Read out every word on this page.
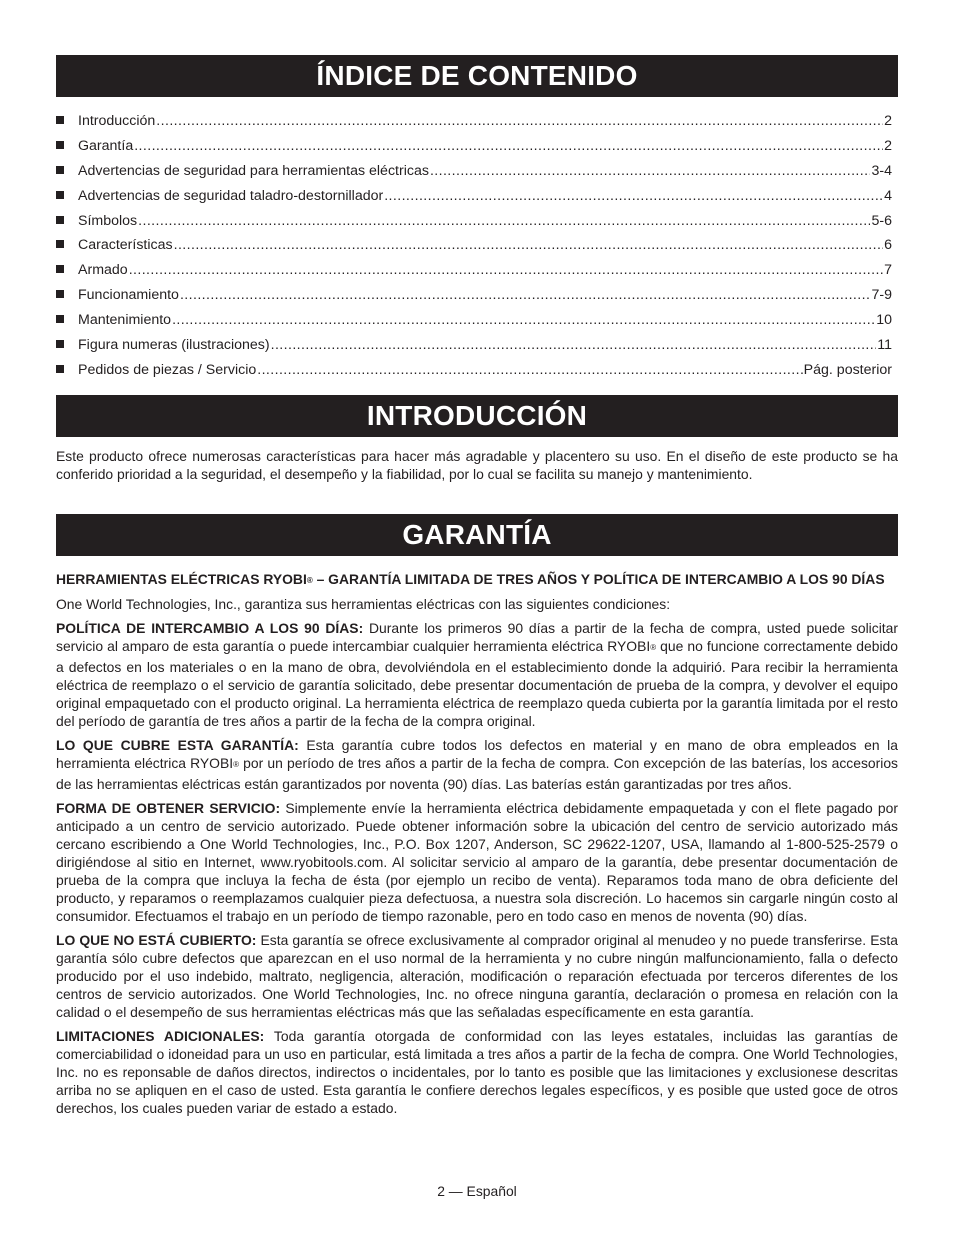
ÍNDICE DE CONTENIDO
Introducción .....	2
Garantía .....	2
Advertencias de seguridad para herramientas eléctricas .....	3-4
Advertencias de seguridad taladro-destornillador .....	4
Símbolos .....	5-6
Características .....	6
Armado .....	7
Funcionamiento .....	7-9
Mantenimiento .....	10
Figura numeras (ilustraciones) .....	11
Pedidos de piezas / Servicio .....	Pág. posterior
INTRODUCCIÓN

Este producto ofrece numerosas características para hacer más agradable y placentero su uso. En el diseño de este producto se ha conferido prioridad a la seguridad, el desempeño y la fiabilidad, por lo cual se facilita su manejo y mantenimiento.

GARANTÍA

HERRAMIENTAS ELÉCTRICAS RYOBI® – GARANTÍA LIMITADA DE TRES AÑOS Y POLÍTICA DE INTERCAMBIO A LOS 90 DÍAS

One World Technologies, Inc., garantiza sus herramientas eléctricas con las siguientes condiciones:

POLÍTICA DE INTERCAMBIO A LOS 90 DÍAS: Durante los primeros 90 días a partir de la fecha de compra, usted puede solicitar servicio al amparo de esta garantía o puede intercambiar cualquier herramienta eléctrica RYOBI® que no funcione correctamente debido a defectos en los materiales o en la mano de obra, devolviéndola en el establecimiento donde la adquirió. Para recibir la herramienta eléctrica de reemplazo o el servicio de garantía solicitado, debe presentar documentación de prueba de la compra, y devolver el equipo original empaquetado con el producto original. La herramienta eléctrica de reemplazo queda cubierta por la garantía limitada por el resto del período de garantía de tres años a partir de la fecha de la compra original.

LO QUE CUBRE ESTA GARANTÍA: Esta garantía cubre todos los defectos en material y en mano de obra empleados en la herramienta eléctrica RYOBI® por un período de tres años a partir de la fecha de compra. Con excepción de las baterías, los accesorios de las herramientas eléctricas están garantizados por noventa (90) días. Las baterías están garantizadas por tres años.

FORMA DE OBTENER SERVICIO: Simplemente envíe la herramienta eléctrica debidamente empaquetada y con el flete pagado por anticipado a un centro de servicio autorizado. Puede obtener información sobre la ubicación del centro de servicio autorizado más cercano escribiendo a One World Technologies, Inc., P.O. Box 1207, Anderson, SC 29622-1207, USA, llamando al 1-800-525-2579 o dirigiéndose al sitio en Internet, www.ryobitools.com. Al solicitar servicio al amparo de la garantía, debe presentar documentación de prueba de la compra que incluya la fecha de ésta (por ejemplo un recibo de venta). Reparamos toda mano de obra deficiente del producto, y reparamos o reemplazamos cualquier pieza defectuosa, a nuestra sola discreción. Lo hacemos sin cargarle ningún costo al consumidor. Efectuamos el trabajo en un período de tiempo razonable, pero en todo caso en menos de noventa (90) días.

LO QUE NO ESTÁ CUBIERTO: Esta garantía se ofrece exclusivamente al comprador original al menudeo y no puede transferirse. Esta garantía sólo cubre defectos que aparezcan en el uso normal de la herramienta y no cubre ningún malfuncionamiento, falla o defecto producido por el uso indebido, maltrato, negligencia, alteración, modificación o reparación efectuada por terceros diferentes de los centros de servicio autorizados. One World Technologies, Inc. no ofrece ninguna garantía, declaración o promesa en relación con la calidad o el desempeño de sus herramientas eléctricas más que las señaladas específicamente en esta garantía.

LIMITACIONES ADICIONALES: Toda garantía otorgada de conformidad con las leyes estatales, incluidas las garantías de comerciabilidad o idoneidad para un uso en particular, está limitada a tres años a partir de la fecha de compra. One World Technologies, Inc. no es reponsable de daños directos, indirectos o incidentales, por lo tanto es posible que las limitaciones y exclusionese descritas arriba no se apliquen en el caso de usted. Esta garantía le confiere derechos legales específicos, y es posible que usted goce de otros derechos, los cuales pueden variar de estado a estado.

2 — Español
